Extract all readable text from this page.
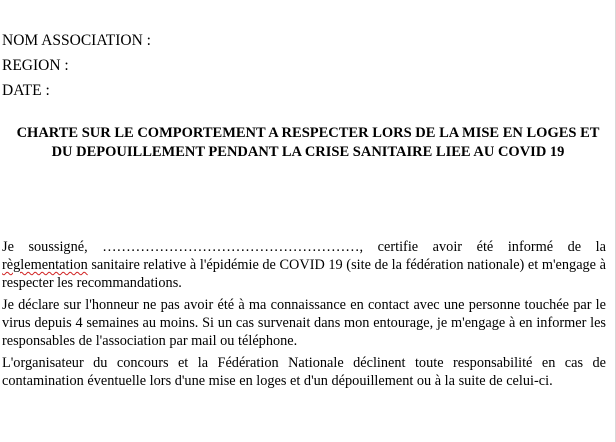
NOM ASSOCIATION :
REGION :
DATE :
CHARTE SUR LE COMPORTEMENT A RESPECTER LORS DE LA MISE EN LOGES ET DU DEPOUILLEMENT PENDANT LA CRISE SANITAIRE LIEE AU COVID 19

Je soussigné, ………………………………………………, certifie avoir été informé de la règlementation sanitaire relative à l'épidémie de COVID 19 (site de la fédération nationale) et m'engage à respecter les recommandations.

Je déclare sur l'honneur ne pas avoir été à ma connaissance en contact avec une personne touchée par le virus depuis 4 semaines au moins. Si un cas survenait dans mon entourage, je m'engage à en informer les responsables de l'association par mail ou téléphone.

L'organisateur du concours et la Fédération Nationale déclinent toute responsabilité en cas de contamination éventuelle lors d'une mise en loges et d'un dépouillement ou à la suite de celui-ci.
